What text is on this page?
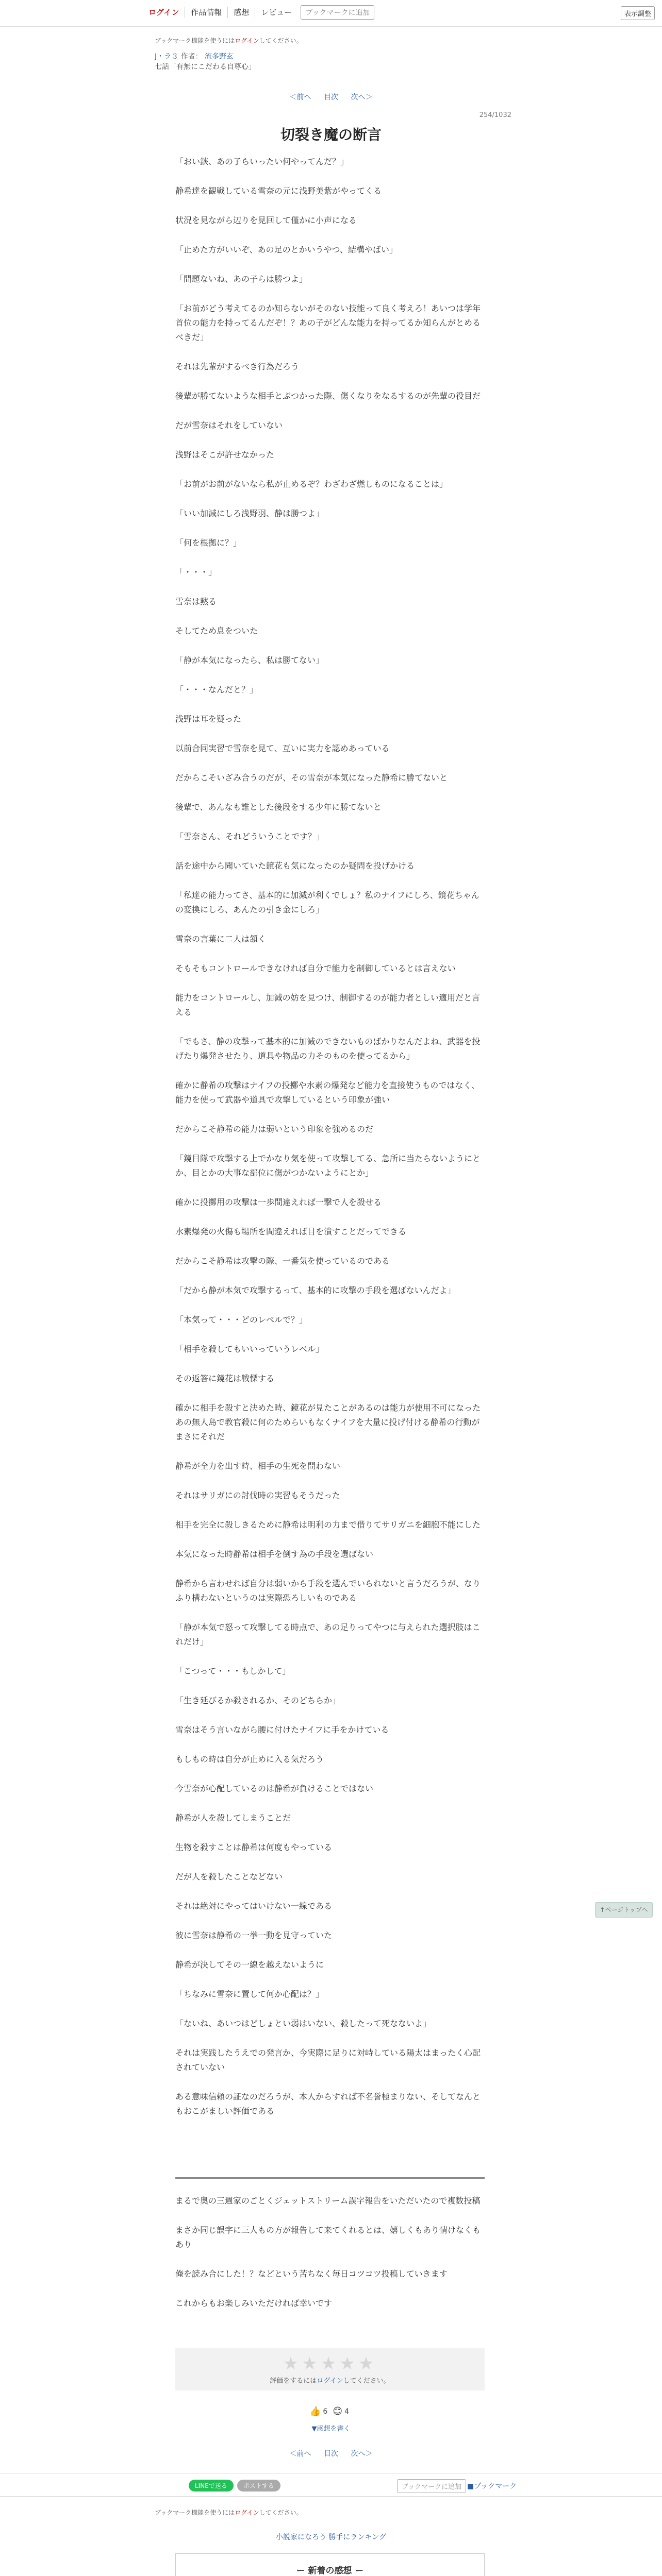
ログイン	作品情報	感想	レビュー	ブックマークに追加	表示調整
ブックマーク機能を使うにはログインしてください。
J・ラ３ 作者： 流多野玄
七話「有無にこだわる自尊心」
＜前へ 目次 次へ＞
254/1032
切裂き魔の断言

「おい鋏、あの子らいったい何やってんだ？」

静希達を観戦している雪奈の元に浅野美紫がやってくる

状況を見ながら辺りを見回して僅かに小声になる

「止めた方がいいぞ、あの足のとかいうやつ、結構やばい」

「間題ないね、あの子らは勝つよ」

「お前がどう考えてるのか知らないがそのない技能って良く考えろ！あいつは学年首位の能力を持ってるんだぞ！？あの子がどんな能力を持ってるか知らんがとめるべきだ」

それは先輩がするべき行為だろう

後輩が勝てないような相手とぶつかった際、傷くなりをなるするのが先輩の役目だ

だが雪奈はそれをしていない

浅野はそこが許せなかった

「お前がお前がないなら私が止めるぞ？わざわざ燃しものになることは」

「いい加減にしろ浅野羽、静は勝つよ」

「何を根拠に？」

「・・・」

雪奈は黙る

そしてため息をついた

「静が本気になったら、私は勝てない」

「・・・なんだと？」

浅野は耳を疑った

以前合同実習で雪奈を見て、互いに実力を認めあっている

だからこそいざみ合うのだが、その雪奈が本気になった静希に勝てないと

後輩で、あんなも誰とした後段をする少年に勝てないと

「雪奈さん、それどういうことです？」

話を途中から聞いていた鏡花も気になったのか疑問を投げかける

「私達の能力ってさ、基本的に加減が利くでしょ？私のナイフにしろ、鏡花ちゃんの変換にしろ、あんたの引き金にしろ」

雪奈の言葉に二人は頷く

そもそもコントロールできなければ自分で能力を制御しているとは言えない

能力をコントロールし、加減の妨を見つけ、制御するのが能力者としい適用だと言える

「でもさ、静の攻撃って基本的に加減のできないものばかりなんだよね、武器を投げたり爆発させたり、道具や物品の力そのものを使ってるから」

確かに静希の攻撃はナイフの投擲や水素の爆発など能力を直接使うものではなく、能力を使って武器や道具で攻撃しているという印象が強い

だからこそ静希の能力は弱いという印象を強めるのだ

「鏡目隊で攻撃する上でかなり気を使って攻撃してる、急所に当たらないようにとか、目とかの大事な部位に傷がつかないようにとか」

確かに投擲用の攻撃は一歩間違えれば一撃で人を殺せる

水素爆発の火傷も場所を間違えれば目を潰すことだってできる

だからこそ静希は攻撃の際、一番気を使っているのである

「だから静が本気で攻撃するって、基本的に攻撃の手段を選ばないんだよ」

「本気って・・・どのレベルで？」

「相手を殺してもいいっていうレベル」

その返答に鏡花は戦慄する

確かに相手を殺すと決めた時、鏡花が見たことがあるのは能力が使用不可になったあの無人島で教官殺に何のためらいもなくナイフを大量に投げ付ける静希の行動がまさにそれだ

静希が全力を出す時、相手の生死を問わない

それはサリガにの討伐時の実習もそうだった

相手を完全に殺しきるために静希は明利の力まで借りてサリガニを細胞不能にした

本気になった時静希は相手を倒す為の手段を選ばない

静希から言わせれば自分は弱いから手段を選んでいられないと言うだろうが、なりふり構わないというのは実際恐ろしいものである

「静が本気で怒って攻撃してる時点で、あの足りってやつに与えられた選択肢はこれだけ」

「こつって・・・もしかして」

「生き延びるか殺されるか、そのどちらか」

雪奈はそう言いながら腰に付けたナイフに手をかけている

もしもの時は自分が止めに入る気だろう

今雪奈が心配しているのは静希が負けることではない

静希が人を殺してしまうことだ

生物を殺すことは静希は何度もやっている

だが人を殺したことなどない

それは絶対にやってはいけない一線である

彼に雪奈は静希の一挙一動を見守っていた

静希が決してその一線を越えないように

「ちなみに雪奈に置して何か心配は？」

「ないね、あいつはどしょとい弱はいない、殺したって死なないよ」

それは実践したうえでの発言か、今実際に足りに対峙している陽太はまったく心配されていない

ある意味信頼の証なのだろうが、本人からすれば不名誉極まりない、そしてなんともおこがましい評価である

まるで奥の三週家のごとくジェットストリーム誤字報告をいただいたので複数投稿

まさか同じ誤字に三人もの方が報告して来てくれるとは、嬉しくもあり情けなくもあり

俺を読み合にした！？などという苦ちなく毎日コツコツ投稿していきます

これからもお楽しみいただければ幸いです

★★★★★
評価をするにはログインしてください。
👍 6 😊 4
▼感想を書く
＜前へ 目次 次へ＞
↑ページトップへ
LINEで送る	ポストする	ブックマークに追加 ■ブックマーク
ブックマーク機能を使うにはログインしてください。
小説家になろう 勝手にランキング
ー 新着の感想 ー
